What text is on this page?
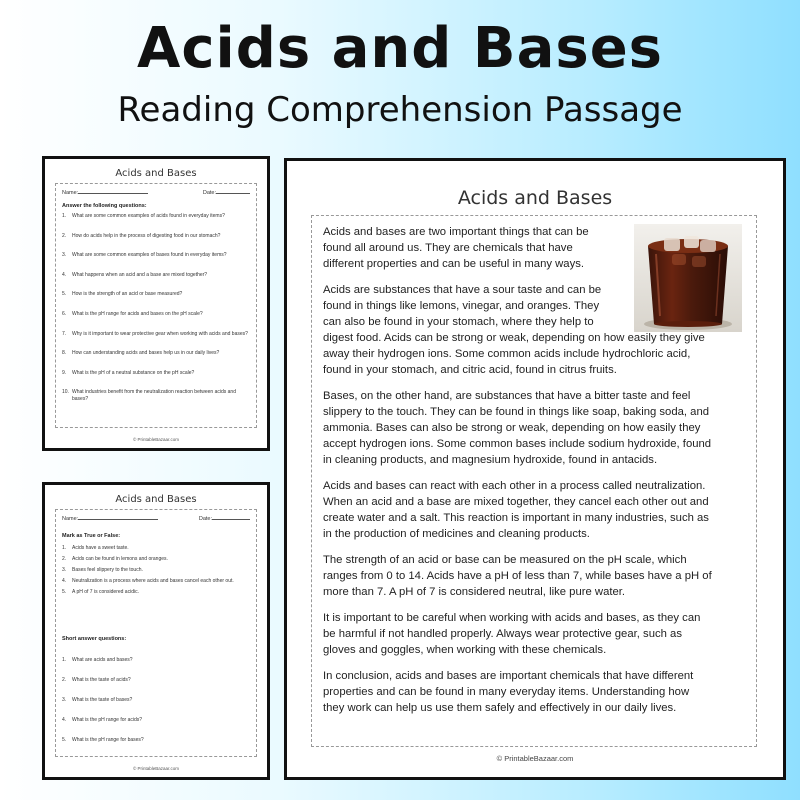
Acids and Bases
Reading Comprehension Passage
Acids and Bases
Name:	Date:
Answer the following questions:
1.	What are some common examples of acids found in everyday items?
2.	How do acids help in the process of digesting food in our stomach?
3.	What are some common examples of bases found in everyday items?
4.	What happens when an acid and a base are mixed together?
5.	How is the strength of an acid or base measured?
6.	What is the pH range for acids and bases on the pH scale?
7.	Why is it important to wear protective gear when working with acids and bases?
8.	How can understanding acids and bases help us in our daily lives?
9.	What is the pH of a neutral substance on the pH scale?
10. What industries benefit from the neutralization reaction between acids and bases?
© PrintableBazaar.com
Acids and Bases
Name:	Date:
Mark as True or False:
1.	Acids have a sweet taste.
2.	Acids can be found in lemons and oranges.
3.	Bases feel slippery to the touch.
4.	Neutralization is a process where acids and bases cancel each other out.
5.	A pH of 7 is considered acidic.
Short answer questions:
1.	What are acids and bases?
2.	What is the taste of acids?
3.	What is the taste of bases?
4.	What is the pH range for acids?
5.	What is the pH range for bases?
© PrintableBazaar.com
Acids and Bases
Acids and bases are two important things that can be
found all around us. They are chemicals that have
different properties and can be useful in many ways.
Acids are substances that have a sour taste and can be
found in things like lemons, vinegar, and oranges. They
can also be found in your stomach, where they help to
digest food. Acids can be strong or weak, depending on how easily they give
away their hydrogen ions. Some common acids include hydrochloric acid,
found in your stomach, and citric acid, found in citrus fruits.
Bases, on the other hand, are substances that have a bitter taste and feel
slippery to the touch. They can be found in things like soap, baking soda, and
ammonia. Bases can also be strong or weak, depending on how easily they
accept hydrogen ions. Some common bases include sodium hydroxide, found
in cleaning products, and magnesium hydroxide, found in antacids.
Acids and bases can react with each other in a process called neutralization.
When an acid and a base are mixed together, they cancel each other out and
create water and a salt. This reaction is important in many industries, such as
in the production of medicines and cleaning products.
The strength of an acid or base can be measured on the pH scale, which
ranges from 0 to 14. Acids have a pH of less than 7, while bases have a pH of
more than 7. A pH of 7 is considered neutral, like pure water.
It is important to be careful when working with acids and bases, as they can
be harmful if not handled properly. Always wear protective gear, such as
gloves and goggles, when working with these chemicals.
In conclusion, acids and bases are important chemicals that have different
properties and can be found in many everyday items. Understanding how
they work can help us use them safely and effectively in our daily lives.
© PrintableBazaar.com
